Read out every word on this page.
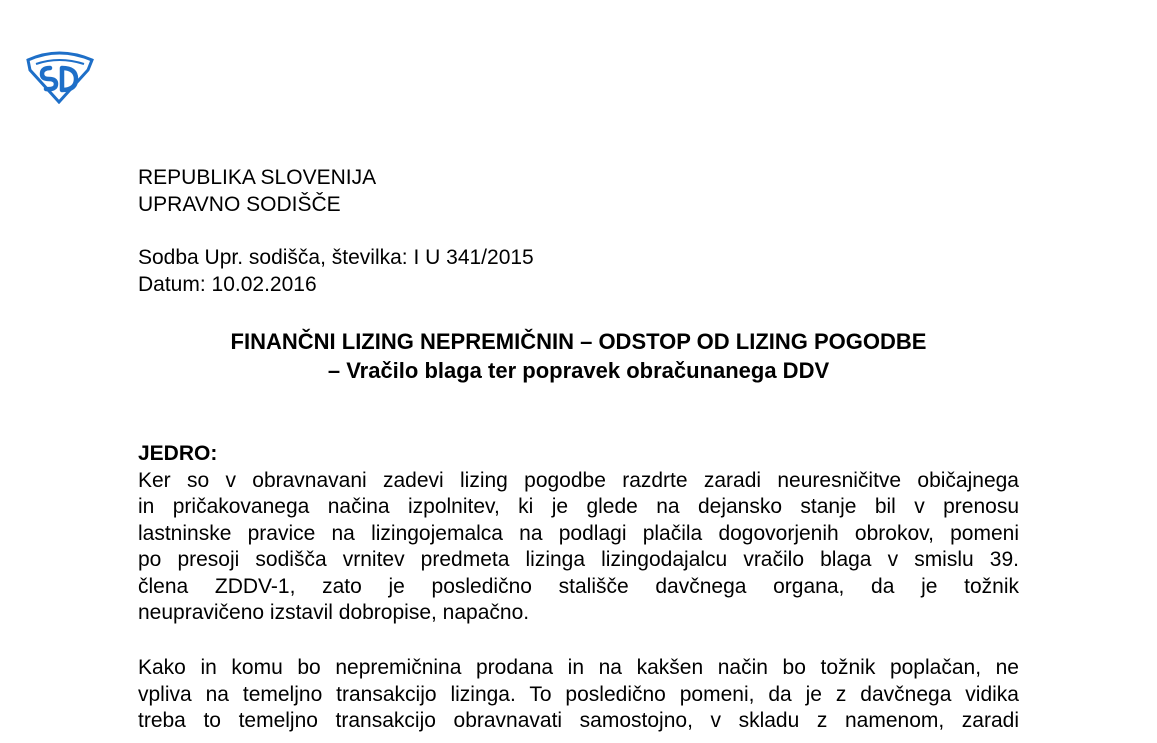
REPUBLIKA SLOVENIJA
UPRAVNO SODIŠČE
Sodba Upr. sodišča, številka: I U 341/2015
Datum: 10.02.2016
FINANČNI LIZING NEPREMIČNIN – ODSTOP OD LIZING POGODBE
– Vračilo blaga ter popravek obračunanega DDV
JEDRO:
Ker so v obravnavani zadevi lizing pogodbe razdrte zaradi neuresničitve običajnega
in pričakovanega načina izpolnitev, ki je glede na dejansko stanje bil v prenosu
lastninske pravice na lizingojemalca na podlagi plačila dogovorjenih obrokov, pomeni
po presoji sodišča vrnitev predmeta lizinga lizingodajalcu vračilo blaga v smislu 39.
člena ZDDV-1, zato je posledično stališče davčnega organa, da je tožnik
neupravičeno izstavil dobropise, napačno.
Kako in komu bo nepremičnina prodana in na kakšen način bo tožnik poplačan, ne
vpliva na temeljno transakcijo lizinga. To posledično pomeni, da je z davčnega vidika
treba to temeljno transakcijo obravnavati samostojno, v skladu z namenom, zaradi
